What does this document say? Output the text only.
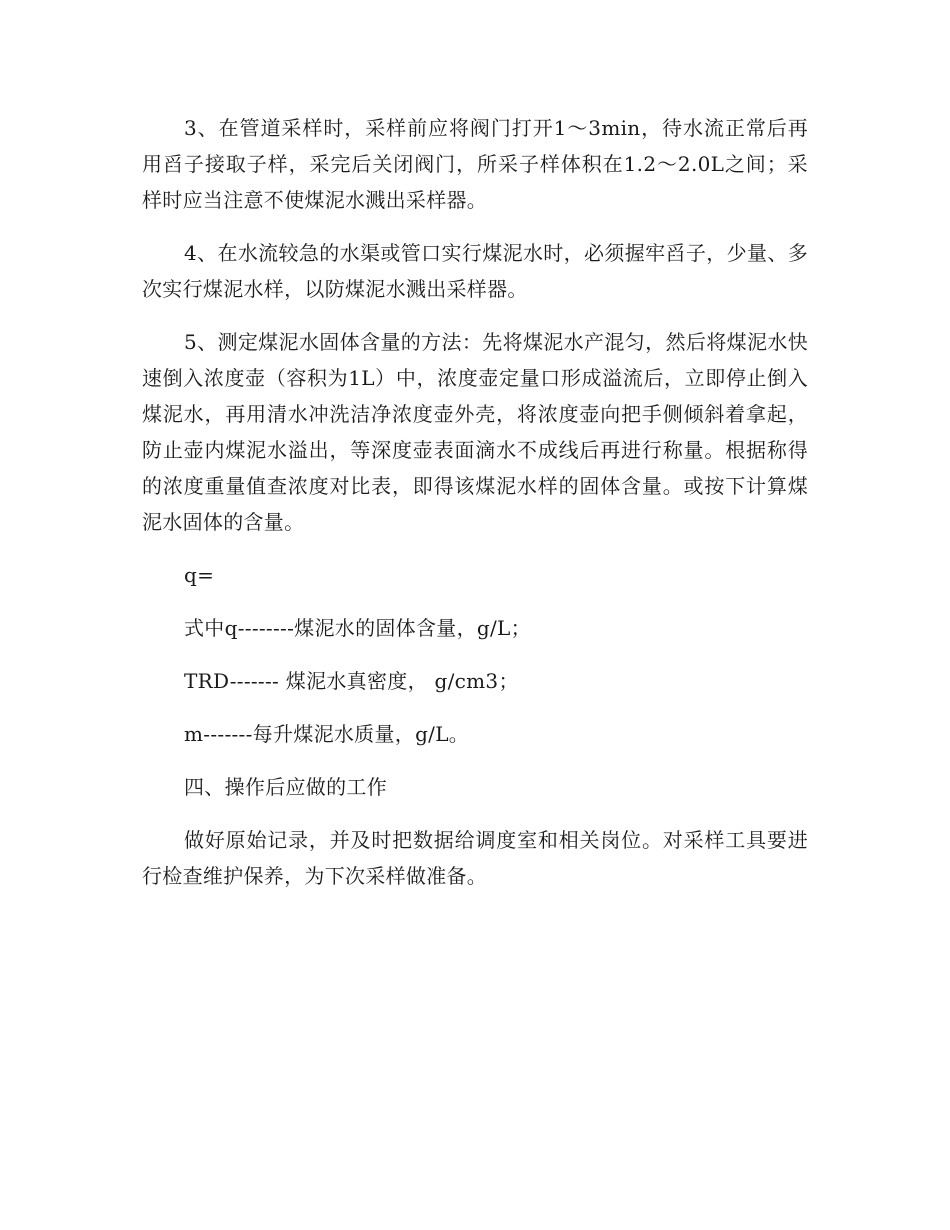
3、在管道采样时，采样前应将阀门打开1～3min，待水流正常后再用舀子接取子样，采完后关闭阀门，所采子样体积在1.2～2.0L之间；采样时应当注意不使煤泥水溅出采样器。

4、在水流较急的水渠或管口实行煤泥水时，必须握牢舀子，少量、多次实行煤泥水样，以防煤泥水溅出采样器。

5、测定煤泥水固体含量的方法：先将煤泥水产混匀，然后将煤泥水快速倒入浓度壶（容积为1L）中，浓度壶定量口形成溢流后，立即停止倒入煤泥水，再用清水冲洗洁净浓度壶外壳，将浓度壶向把手侧倾斜着拿起，防止壶内煤泥水溢出，等深度壶表面滴水不成线后再进行称量。根据称得的浓度重量值查浓度对比表，即得该煤泥水样的固体含量。或按下计算煤泥水固体的含量。

q=

式中q--------煤泥水的固体含量，g/L；

TRD------- 煤泥水真密度， g/cm3；

m-------每升煤泥水质量，g/L。

四、操作后应做的工作

做好原始记录，并及时把数据给调度室和相关岗位。对采样工具要进行检查维护保养，为下次采样做准备。
